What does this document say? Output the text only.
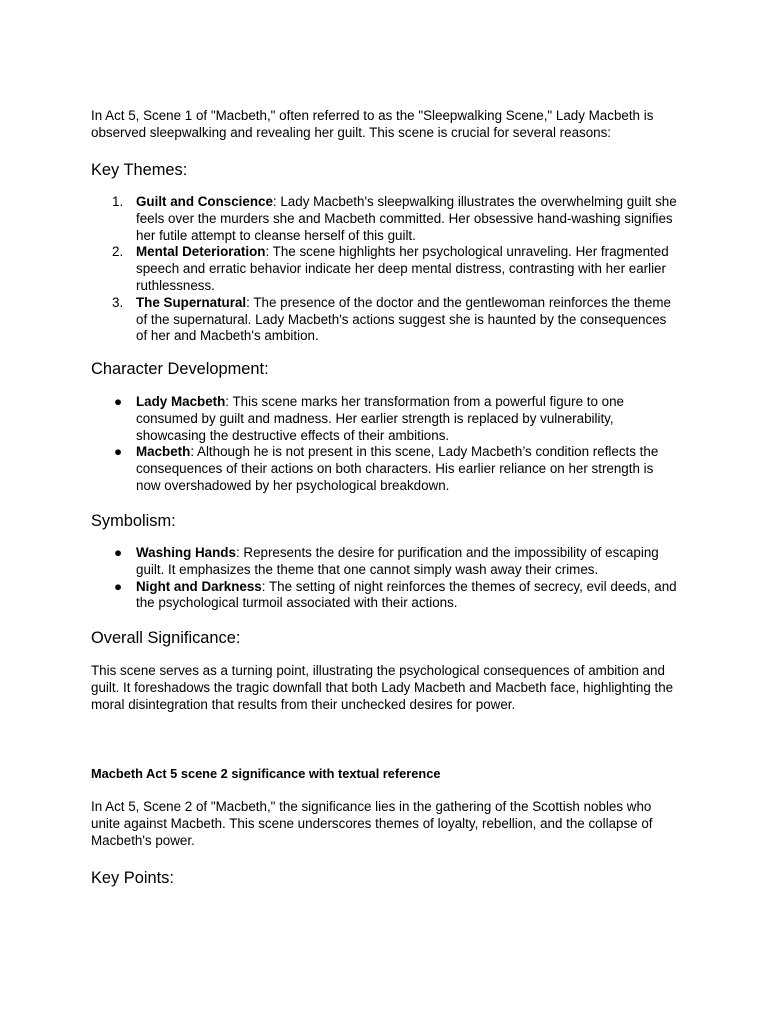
In Act 5, Scene 1 of "Macbeth," often referred to as the "Sleepwalking Scene," Lady Macbeth is observed sleepwalking and revealing her guilt. This scene is crucial for several reasons:

Key Themes:
1. Guilt and Conscience: Lady Macbeth's sleepwalking illustrates the overwhelming guilt she feels over the murders she and Macbeth committed. Her obsessive hand-washing signifies her futile attempt to cleanse herself of this guilt.
2. Mental Deterioration: The scene highlights her psychological unraveling. Her fragmented speech and erratic behavior indicate her deep mental distress, contrasting with her earlier ruthlessness.
3. The Supernatural: The presence of the doctor and the gentlewoman reinforces the theme of the supernatural. Lady Macbeth's actions suggest she is haunted by the consequences of her and Macbeth's ambition.
Character Development:
● Lady Macbeth: This scene marks her transformation from a powerful figure to one consumed by guilt and madness. Her earlier strength is replaced by vulnerability, showcasing the destructive effects of their ambitions.
● Macbeth: Although he is not present in this scene, Lady Macbeth’s condition reflects the consequences of their actions on both characters. His earlier reliance on her strength is now overshadowed by her psychological breakdown.
Symbolism:
● Washing Hands: Represents the desire for purification and the impossibility of escaping guilt. It emphasizes the theme that one cannot simply wash away their crimes.
● Night and Darkness: The setting of night reinforces the themes of secrecy, evil deeds, and the psychological turmoil associated with their actions.
Overall Significance:

This scene serves as a turning point, illustrating the psychological consequences of ambition and guilt. It foreshadows the tragic downfall that both Lady Macbeth and Macbeth face, highlighting the moral disintegration that results from their unchecked desires for power.

Macbeth Act 5 scene 2 significance with textual reference

In Act 5, Scene 2 of "Macbeth," the significance lies in the gathering of the Scottish nobles who unite against Macbeth. This scene underscores themes of loyalty, rebellion, and the collapse of Macbeth's power.

Key Points:
